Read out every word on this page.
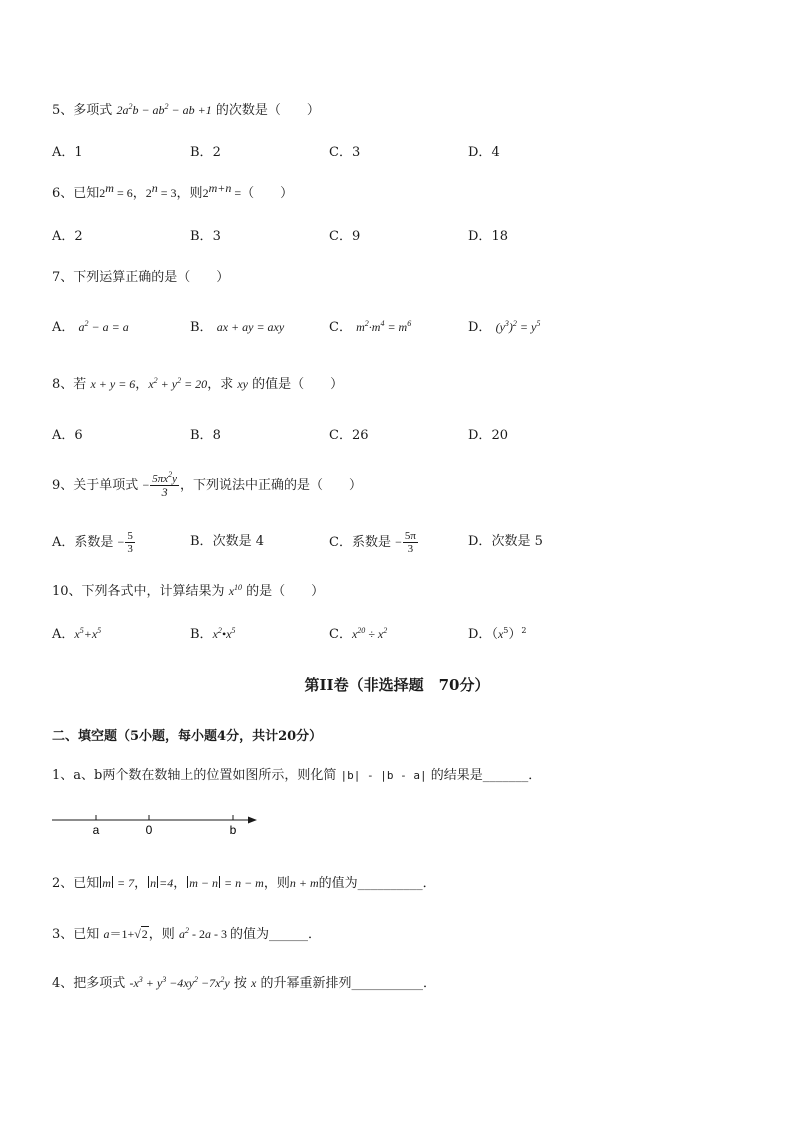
5、多项式 $2a^2b - ab^2$ − ab +1 的次数是（　　）
A．1	B．2	C．3	D．4
6、已知$2^m = 6$，$2^n = 3$，则$2^{m+n}$ =（　　）
A．2	B．3	C．9	D．18
7、下列运算正确的是（　　）
A． $a^2 - a = a$	B． ax + ay = axy	C． $m^2\cdot m^4 = m^6$	D． $(y^3)^2 = y^5$
8、若 x + y = 6，$x^2 + y^2 = 20$，求 xy 的值是（　　）
A．6	B．8	C．26	D．20
9、关于单项式 − $\frac{5\pi x^2y}{3}$ ，下列说法中正确的是（　　）
A．系数是 − $\frac{5}{3}$	B．次数是 4	C．系数是 − $\frac{5\pi}{3}$	D．次数是 5
10、下列各式中，计算结果为 $x^{10}$ 的是（　　）
A．$x^5+x^5$	B．$x^2•x^5$	C．$x^{20} \div x^2$	D．$(x^5)^2$
第II卷（非选择题　70分）
二、填空题（5小题，每小题4分，共计20分）
1、a、b两个数在数轴上的位置如图所示，则化简 |b| - |b - a| 的结果是_______．
a	0	b
2、已知 m = 7， n =4， m − n = n − m，则n + m的值为__________．
3、已知 a＝1+√2，则 $a^2 - 2a - 3$ 的值为______．
4、把多项式 $-x^3 + y^3 -4xy^2 -7x^2y$ 按 x 的升幂重新排列___________．
